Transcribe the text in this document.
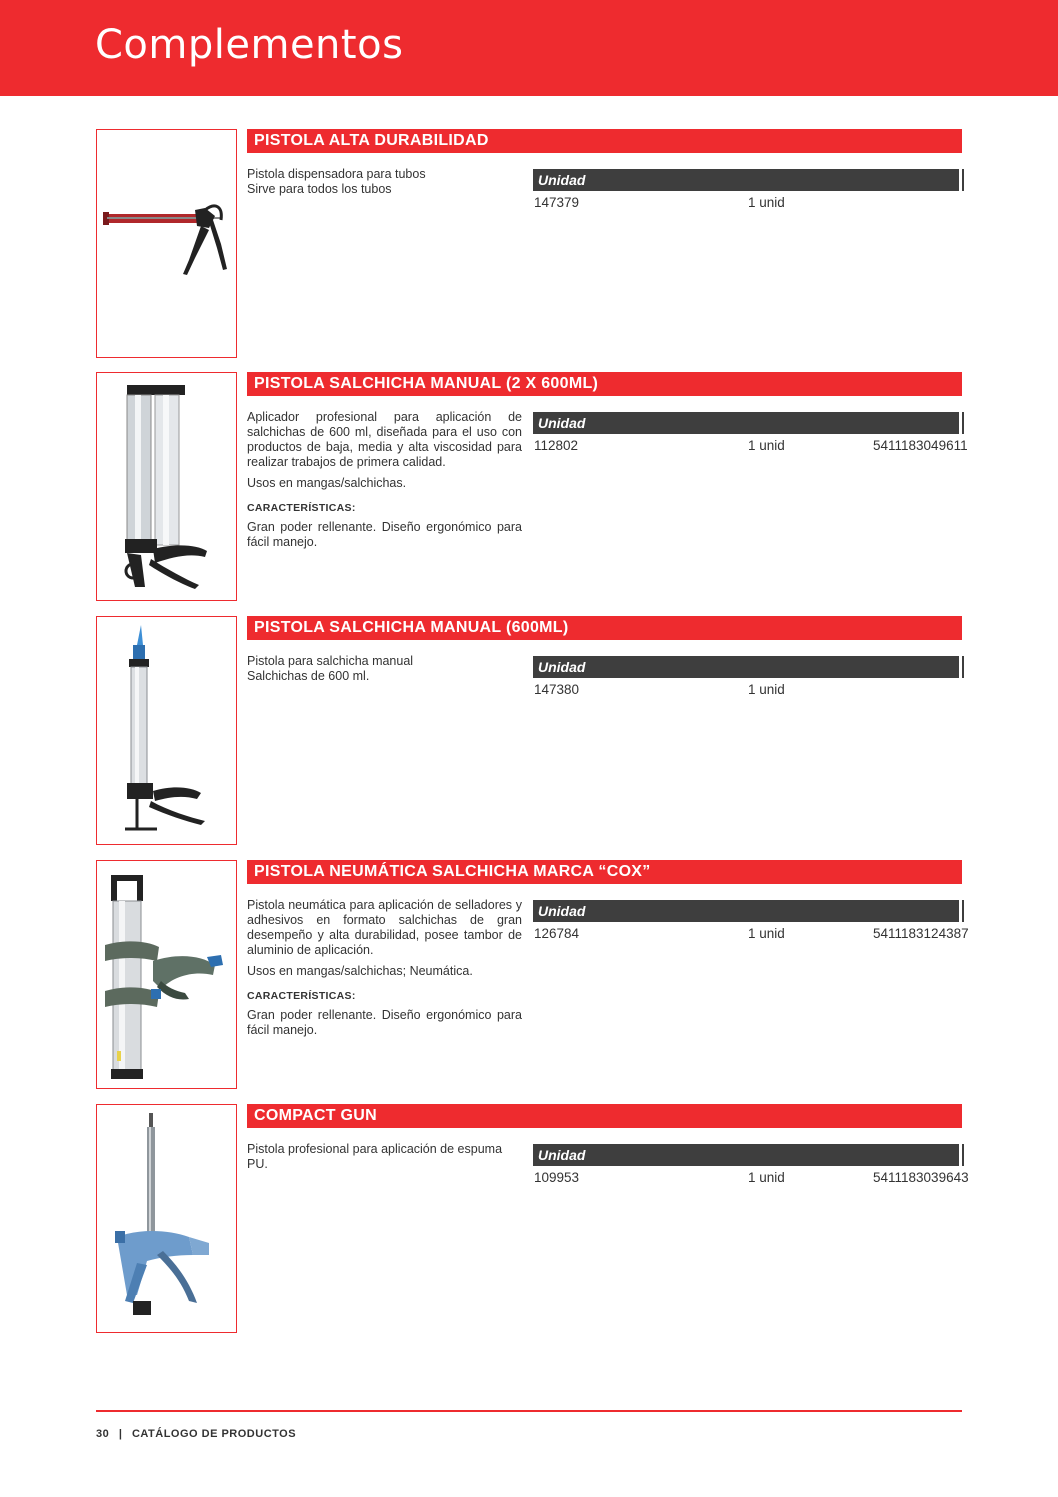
Complementos
PISTOLA ALTA DURABILIDAD

Pistola dispensadora para tubos

Sirve para todos los tubos

Unidad
147379	1 unid
PISTOLA SALCHICHA MANUAL (2 X 600ML)

Aplicador profesional para aplicación de salchichas de 600 ml, diseñada para el uso con productos de baja, media y alta viscosidad para realizar trabajos de primera calidad.

Usos en mangas/salchichas.

CARACTERÍSTICAS:

Gran poder rellenante. Diseño ergonómico para fácil manejo.

Unidad
112802	1 unid	5411183049611
PISTOLA SALCHICHA MANUAL (600ML)

Pistola para salchicha manual

Salchichas de 600 ml.

Unidad
147380	1 unid
PISTOLA NEUMÁTICA SALCHICHA MARCA “COX”

Pistola neumática para aplicación de selladores y adhesivos en formato salchichas de gran desempeño y alta durabilidad, posee tambor de aluminio de aplicación.

Usos en mangas/salchichas; Neumática.

CARACTERÍSTICAS:

Gran poder rellenante. Diseño ergonómico para fácil manejo.

Unidad
126784	1 unid	5411183124387
COMPACT GUN

Pistola profesional para aplicación de espuma PU.

Unidad
109953	1 unid	5411183039643
30 | CATÁLOGO DE PRODUCTOS
